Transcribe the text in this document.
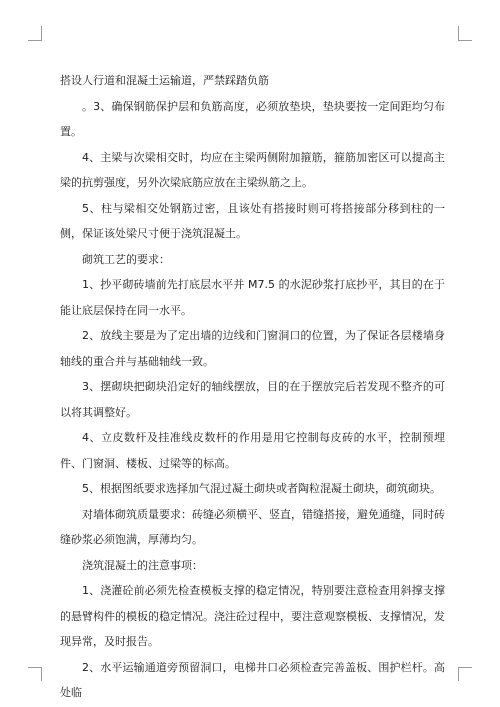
搭设人行道和混凝土运输道，严禁踩踏负筋

。3、确保钢筋保护层和负筋高度，必须放垫块，垫块要按一定间距均匀布置。

4、主梁与次梁相交时，均应在主梁两侧附加箍筋，箍筋加密区可以提高主梁的抗剪强度，另外次梁底筋应放在主梁纵筋之上。

5、柱与梁相交处钢筋过密，且该处有搭接时则可将搭接部分移到柱的一侧，保证该处梁尺寸便于浇筑混凝土。

砌筑工艺的要求：

1、抄平砌砖墙前先打底层水平并 M7.5 的水泥砂浆打底抄平，其目的在于能让底层保持在同一水平。

2、放线主要是为了定出墙的边线和门窗洞口的位置，为了保证各层楼墙身轴线的重合并与基础轴线一致。

3、摆砌块把砌块沿定好的轴线摆放，目的在于摆放完后若发现不整齐的可以将其调整好。

4、立皮数杆及挂准线皮数杆的作用是用它控制每皮砖的水平，控制预埋件、门窗洞、楼板、过梁等的标高。

5、根据图纸要求选择加气混过凝土砌块或者陶粒混凝土砌块，砌筑砌块。

对墙体砌筑质量要求：砖缝必须横平、竖直，错缝搭接，避免通缝，同时砖缝砂浆必须饱满，厚薄均匀。

浇筑混凝土的注意事项：

1、浇灌砼前必须先检查模板支撑的稳定情况，特别要注意检查用斜撑支撑的悬臂构件的模板的稳定情况。浇注砼过程中，要注意观察模板、支撑情况，发现异常，及时报告。

2、水平运输通道旁预留洞口，电梯井口必须检查完善盖板、围护栏杆。高处临
